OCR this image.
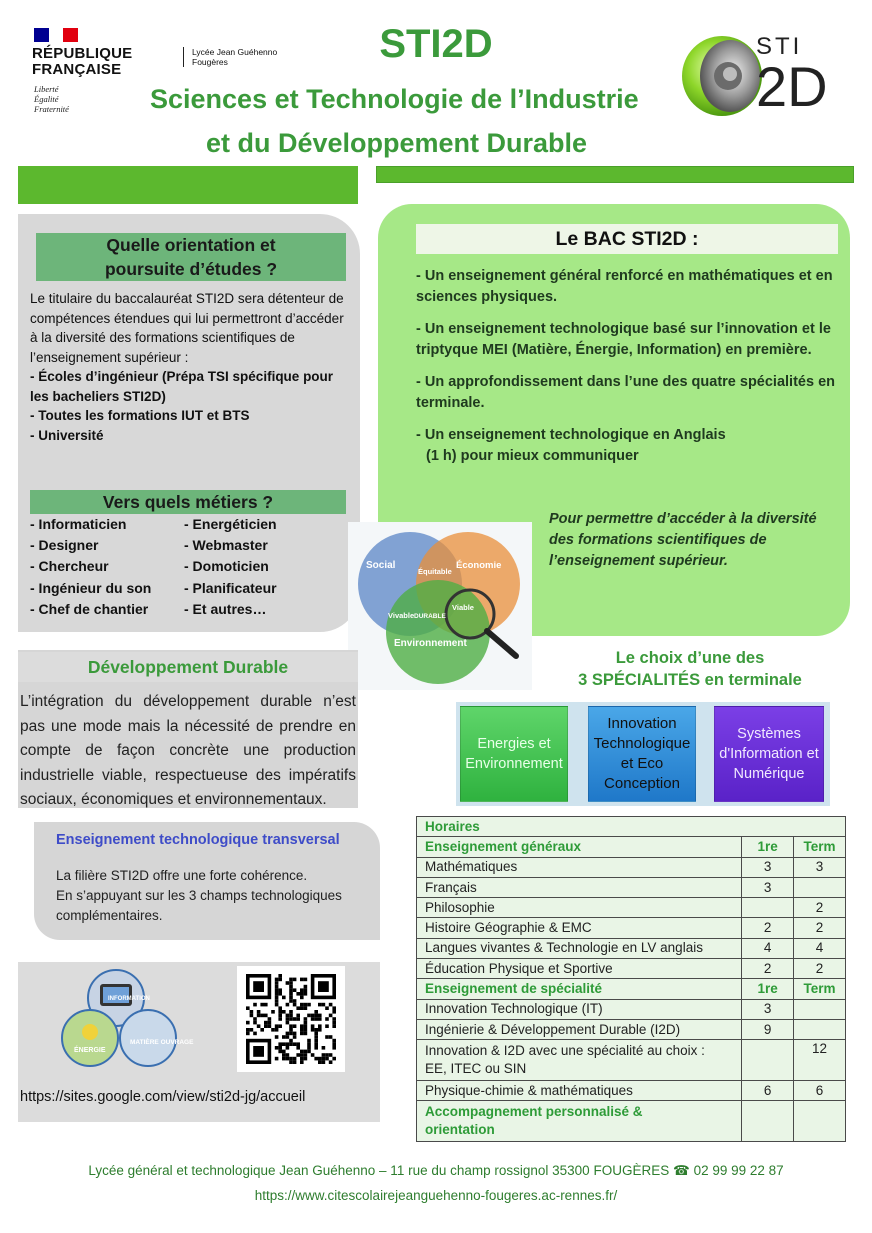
RÉPUBLIQUE
FRANÇAISE
Liberté
Égalité
Fraternité
Lycée Jean Guéhenno
Fougères	STI2D
Sciences et Technologie de l’Industrie
et du Développement Durable
STI
2D
Quelle orientation et
poursuite d’études ?
Le titulaire du baccalauréat STI2D sera détenteur de compétences étendues qui lui permettront d’accéder à la diversité des formations scientifiques de l’enseignement supérieur :
- Écoles d’ingénieur (Prépa TSI spécifique pour les bacheliers STI2D)
- Toutes les formations IUT et BTS
- Université
Vers quels métiers ?
- Informaticien	- Energéticien
- Designer	- Webmaster
- Chercheur	- Domoticien
- Ingénieur du son	- Planificateur
- Chef de chantier	- Et autres…
Le BAC STI2D :

- Un enseignement général renforcé en mathématiques et en sciences physiques.

- Un enseignement technologique basé sur l’innovation et le triptyque MEI (Matière, Énergie, Information) en première.

- Un approfondissement dans l’une des quatre spécialités en terminale.

- Un enseignement technologique en Anglais
(1 h) pour mieux communiquer
Pour permettre d’accéder à la diversité des formations scientifiques de l’enseignement supérieur.
Social	Économie
Équitable
DURABLE
Vivable
Viable
Environnement
Développement Durable
L’intégration du développement durable n’est pas une mode mais la nécessité de prendre en compte de façon concrète une production industrielle viable, respectueuse des impératifs sociaux, économiques et environnementaux.
Le choix d’une des
3 SPÉCIALITÉS en terminale
Energies et Environnement
Innovation Technologique et Eco Conception
Systèmes d'Information et Numérique
Enseignement technologique transversal
La filière STI2D offre une forte cohérence.
En s’appuyant sur les 3 champs technologiques complémentaires.
INFORMATION
ÉNERGIE
MATIÈRE OUVRAGE
https://sites.google.com/view/sti2d-jg/accueil
Horaires		
Enseignement généraux	1re	Term
Mathématiques	3	3
Français	3	
Philosophie		2
Histoire Géographie & EMC	2	2
Langues vivantes & Technologie en LV anglais	4	4
Éducation Physique et Sportive	2	2
Enseignement de spécialité	1re	Term
Innovation Technologique (IT)	3	
Ingénierie & Développement Durable (I2D)	9	

Innovation & I2D avec une spécialité au choix :
EE, ITEC ou SIN		12
Physique-chimie & mathématiques	6	6

Accompagnement personnalisé &
orientation		

Lycée général et technologique Jean Guéhenno – 11 rue du champ rossignol 35300 FOUGÈRES ☎ 02 99 99 22 87
https://www.citescolairejeanguehenno-fougeres.ac-rennes.fr/
